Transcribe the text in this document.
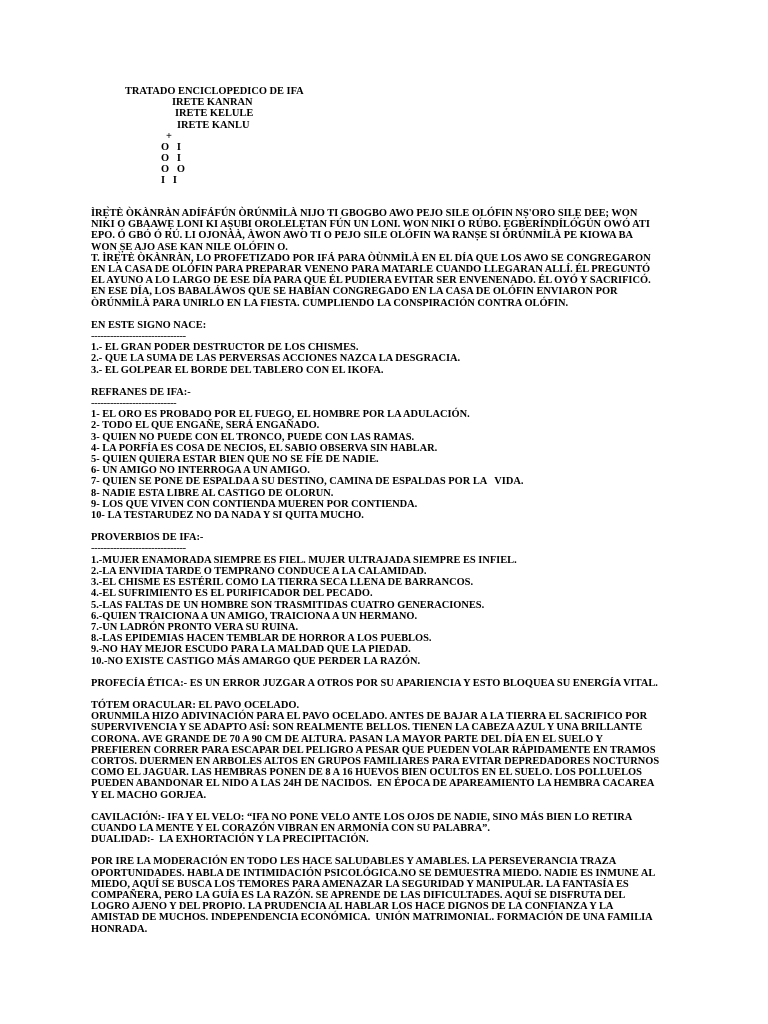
TRATADO ENCICLOPEDICO DE IFA
IRETE KANRAN
IRETE KELULE
IRETE KANLU
+
O   I
O   I
O   O
I   I

ÌRẸ̀TÈ ÒKÀNRÀN ADÍFÁFÚN ÒRÚNMÌLÀ NIJO TI GBOGBO AWO PEJO SILE OLÓFIN NṢ'ORO SILẸ DEE; WON

NIKI O GBAAWẸ LONI KI AṢUBI OROLELẸTAN FÚN UN LONI. WON NIKI O RÚBO. ẸGBERÍNDÍLÓGÚN OWÓ ATI

EPO. Ó GBÓ Ó RÚ. LI OJONÀÀ, ÀWON AWO TI O PEJO SILE OLÓFIN WA RANṢE SI ÒRÚNMÌLÀ PE KIOWA BA

WON ṢE AJO ASE KAN NILE OLÓFIN O.

T. ÌRẸ̀TÈ ÒKÀNRÀN, LO PROFETIZADO POR IFÁ PARA ÒÙNMÌLÀ EN EL DÍA QUE LOS AWO SE CONGREGARON

EN LA CASA DE OLÓFIN PARA PREPARAR VENENO PARA MATARLE CUANDO LLEGARAN ALLÍ. ÉL PREGUNTÓ

EL AYUNO A LO LARGO DE ESE DÍA PARA QUE ÉL PUDIERA EVITAR SER ENVENENADO. ÉL OYÓ Y SACRIFICÓ.

EN ESE DÍA, LOS BABALÁWOS QUE SE HABÍAN CONGREGADO EN LA CASA DE OLÓFIN ENVIARON POR

ÒRÚNMÌLÀ PARA UNIRLO EN LA FIESTA. CUMPLIENDO LA CONSPIRACIÓN CONTRA OLÓFIN.

EN ESTE SIGNO NACE:

------------------------------

1.- EL GRAN PODER DESTRUCTOR DE LOS CHISMES.

2.- QUE LA SUMA DE LAS PERVERSAS ACCIONES NAZCA LA DESGRACIA.

3.- EL GOLPEAR EL BORDE DEL TABLERO CON EL IKOFA.

REFRANES DE IFA:-

---------------------------

1- EL ORO ES PROBADO POR EL FUEGO, EL HOMBRE POR LA ADULACIÓN.

2- TODO EL QUE ENGAÑE, SERÁ ENGAÑADO.

3- QUIEN NO PUEDE CON EL TRONCO, PUEDE CON LAS RAMAS.

4- LA PORFÍA ES COSA DE NECIOS, EL SABIO OBSERVA SIN HABLAR.

5- QUIEN QUIERA ESTAR BIEN QUE NO SE FÍE DE NADIE.

6- UN AMIGO NO INTERROGA A UN AMIGO.

7- QUIEN SE PONE DE ESPALDA A SU DESTINO, CAMINA DE ESPALDAS POR LA   VIDA.

8- NADIE ESTA LIBRE AL CASTIGO DE OLORUN.

9- LOS QUE VIVEN CON CONTIENDA MUEREN POR CONTIENDA.

10- LA TESTARUDEZ NO DA NADA Y SI QUITA MUCHO.

PROVERBIOS DE IFA:-

------------------------------

1.-MUJER ENAMORADA SIEMPRE ES FIEL. MUJER ULTRAJADA SIEMPRE ES INFIEL.

2.-LA ENVIDIA TARDE O TEMPRANO CONDUCE A LA CALAMIDAD.

3.-EL CHISME ES ESTÉRIL COMO LA TIERRA SECA LLENA DE BARRANCOS.

4.-EL SUFRIMIENTO ES EL PURIFICADOR DEL PECADO.

5.-LAS FALTAS DE UN HOMBRE SON TRASMITIDAS CUATRO GENERACIONES.

6.-QUIEN TRAICIONA A UN AMIGO, TRAICIONA A UN HERMANO.

7.-UN LADRÓN PRONTO VERA SU RUINA.

8.-LAS EPIDEMIAS HACEN TEMBLAR DE HORROR A LOS PUEBLOS.

9.-NO HAY MEJOR ESCUDO PARA LA MALDAD QUE LA PIEDAD.

10.-NO EXISTE CASTIGO MÁS AMARGO QUE PERDER LA RAZÓN.

PROFECÍA ÉTICA:- ES UN ERROR JUZGAR A OTROS POR SU APARIENCIA Y ESTO BLOQUEA SU ENERGÍA VITAL.

TÓTEM ORACULAR: EL PAVO OCELADO.

ORUNMILA HIZO ADIVINACIÓN PARA EL PAVO OCELADO. ANTES DE BAJAR A LA TIERRA EL SACRIFICO POR

SUPERVIVENCIA Y SE ADAPTO ASÍ: SON REALMENTE BELLOS. TIENEN LA CABEZA AZUL Y UNA BRILLANTE

CORONA. AVE GRANDE DE 70 A 90 CM DE ALTURA. PASAN LA MAYOR PARTE DEL DÍA EN EL SUELO Y

PREFIEREN CORRER PARA ESCAPAR DEL PELIGRO A PESAR QUE PUEDEN VOLAR RÁPIDAMENTE EN TRAMOS

CORTOS. DUERMEN EN ARBOLES ALTOS EN GRUPOS FAMILIARES PARA EVITAR DEPREDADORES NOCTURNOS

COMO EL JAGUAR. LAS HEMBRAS PONEN DE 8 A 16 HUEVOS BIEN OCULTOS EN EL SUELO. LOS POLLUELOS

PUEDEN ABANDONAR EL NIDO A LAS 24H DE NACIDOS.  EN ÉPOCA DE APAREAMIENTO LA HEMBRA CACAREA

Y EL MACHO GORJEA.

CAVILACIÓN:- IFA Y EL VELO: “IFA NO PONE VELO ANTE LOS OJOS DE NADIE, SINO MÁS BIEN LO RETIRA

CUANDO LA MENTE Y EL CORAZÓN VIBRAN EN ARMONÍA CON SU PALABRA”.

DUALIDAD:-  LA EXHORTACIÓN Y LA PRECIPITACIÓN.

POR IRE LA MODERACIÓN EN TODO LES HACE SALUDABLES Y AMABLES. LA PERSEVERANCIA TRAZA

OPORTUNIDADES. HABLA DE INTIMIDACIÓN PSICOLÓGICA.NO SE DEMUESTRA MIEDO. NADIE ES INMUNE AL

MIEDO, AQUÍ SE BUSCA LOS TEMORES PARA AMENAZAR LA SEGURIDAD Y MANIPULAR. LA FANTASÍA ES

COMPAÑERA, PERO LA GUÍA ES LA RAZÓN. SE APRENDE DE LAS DIFICULTADES. AQUÍ SE DISFRUTA DEL

LOGRO AJENO Y DEL PROPIO. LA PRUDENCIA AL HABLAR LOS HACE DIGNOS DE LA CONFIANZA Y LA

AMISTAD DE MUCHOS. INDEPENDENCIA ECONÓMICA.  UNIÓN MATRIMONIAL. FORMACIÓN DE UNA FAMILIA

HONRADA.
